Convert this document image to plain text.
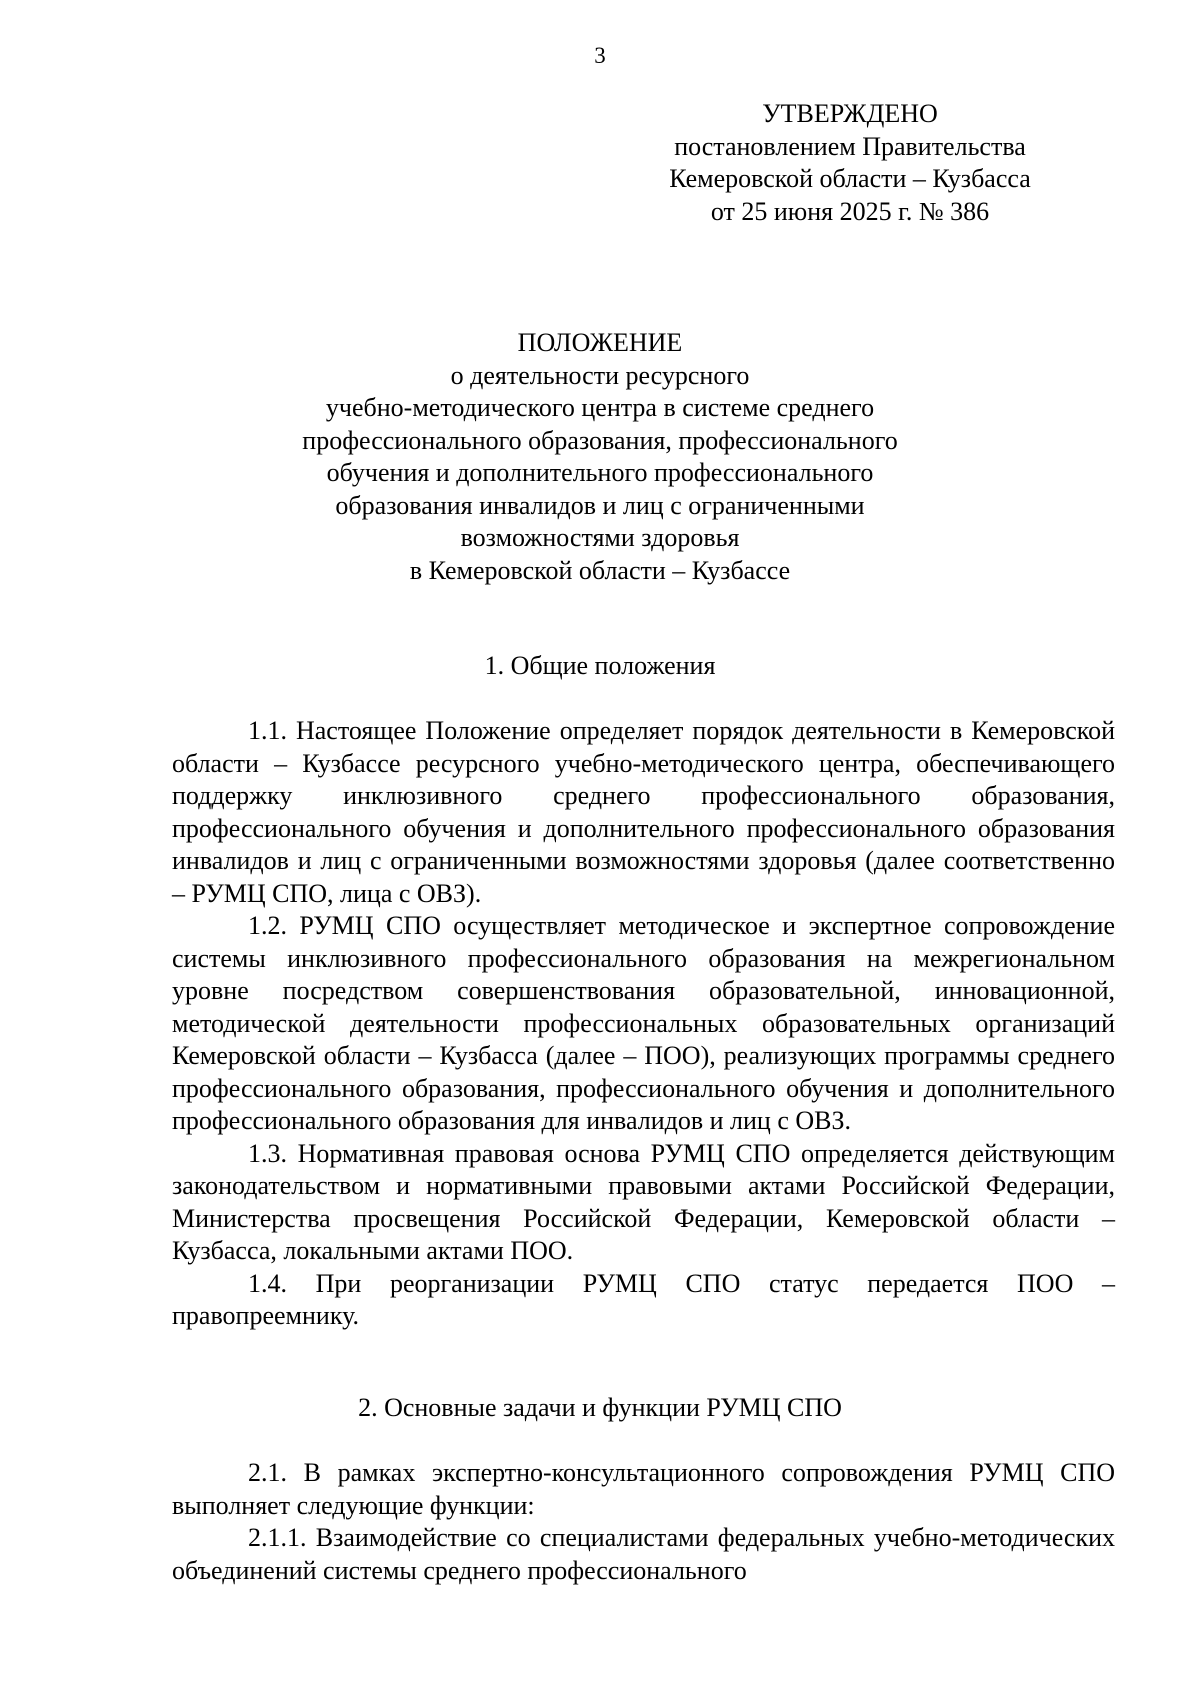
3
УТВЕРЖДЕНО
постановлением Правительства
Кемеровской области – Кузбасса
от 25 июня 2025 г. № 386
ПОЛОЖЕНИЕ
о деятельности ресурсного
учебно-методического центра в системе среднего
профессионального образования, профессионального
обучения и дополнительного профессионального
образования инвалидов и лиц с ограниченными
возможностями здоровья
в Кемеровской области – Кузбассе
1. Общие положения

1.1. Настоящее Положение определяет порядок деятельности в Кемеровской области – Кузбассе ресурсного учебно-методического центра, обеспечивающего поддержку инклюзивного среднего профессионального образования, профессионального обучения и дополнительного профессионального образования инвалидов и лиц с ограниченными возможностями здоровья (далее соответственно – РУМЦ СПО, лица с ОВЗ).

1.2. РУМЦ СПО осуществляет методическое и экспертное сопровождение системы инклюзивного профессионального образования на межрегиональном уровне посредством совершенствования образовательной, инновационной, методической деятельности профессиональных образовательных организаций Кемеровской области – Кузбасса (далее – ПОО), реализующих программы среднего профессионального образования, профессионального обучения и дополнительного профессионального образования для инвалидов и лиц с ОВЗ.

1.3. Нормативная правовая основа РУМЦ СПО определяется действующим законодательством и нормативными правовыми актами Российской Федерации, Министерства просвещения Российской Федерации, Кемеровской области – Кузбасса, локальными актами ПОО.

1.4. При реорганизации РУМЦ СПО статус передается ПОО – правопреемнику.

2. Основные задачи и функции РУМЦ СПО

2.1. В рамках экспертно-консультационного сопровождения РУМЦ СПО выполняет следующие функции:

2.1.1. Взаимодействие со специалистами федеральных учебно-методических объединений системы среднего профессионального
